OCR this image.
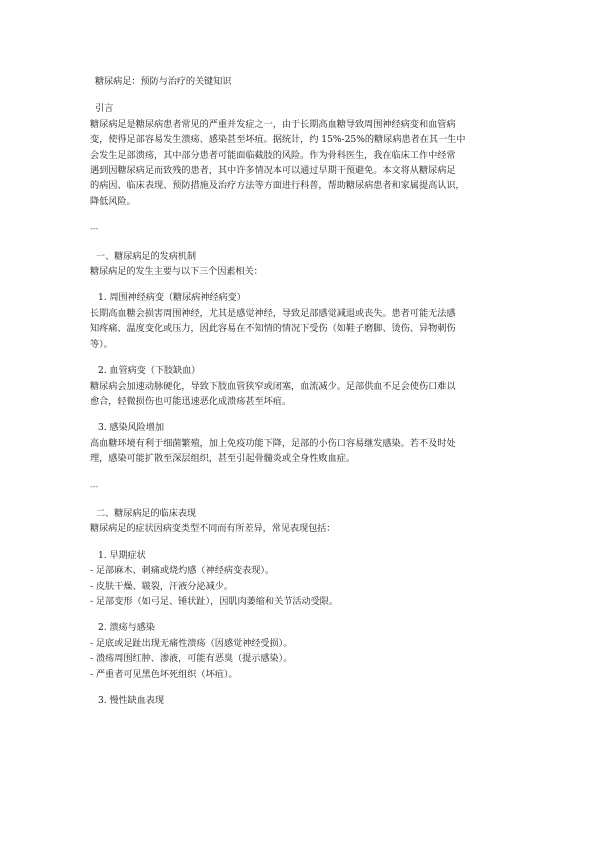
糖尿病足：预防与治疗的关键知识
引言
糖尿病足是糖尿病患者常见的严重并发症之一，由于长期高血糖导致周围神经病变和血管病
变，使得足部容易发生溃疡、感染甚至坏疽。据统计，约 15%-25%的糖尿病患者在其一生中
会发生足部溃疡，其中部分患者可能面临截肢的风险。作为骨科医生，我在临床工作中经常
遇到因糖尿病足而致残的患者，其中许多情况本可以通过早期干预避免。本文将从糖尿病足
的病因、临床表现、预防措施及治疗方法等方面进行科普，帮助糖尿病患者和家属提高认识，
降低风险。
---
一、糖尿病足的发病机制
糖尿病足的发生主要与以下三个因素相关：
1. 周围神经病变（糖尿病神经病变）
长期高血糖会损害周围神经，尤其是感觉神经，导致足部感觉减退或丧失。患者可能无法感
知疼痛、温度变化或压力，因此容易在不知情的情况下受伤（如鞋子磨脚、烫伤、异物刺伤
等）。
2. 血管病变（下肢缺血）
糖尿病会加速动脉硬化，导致下肢血管狭窄或闭塞，血流减少。足部供血不足会使伤口难以
愈合，轻微损伤也可能迅速恶化成溃疡甚至坏疽。
3. 感染风险增加
高血糖环境有利于细菌繁殖，加上免疫功能下降，足部的小伤口容易继发感染。若不及时处
理，感染可能扩散至深层组织，甚至引起骨髓炎或全身性败血症。
---
二、糖尿病足的临床表现
糖尿病足的症状因病变类型不同而有所差异，常见表现包括：
1. 早期症状
- 足部麻木、刺痛或烧灼感（神经病变表现）。
- 皮肤干燥、皲裂，汗液分泌减少。
- 足部变形（如弓足、锤状趾），因肌肉萎缩和关节活动受限。
2. 溃疡与感染
- 足底或足趾出现无痛性溃疡（因感觉神经受损）。
- 溃疡周围红肿、渗液，可能有恶臭（提示感染）。
- 严重者可见黑色坏死组织（坏疽）。
3. 慢性缺血表现
